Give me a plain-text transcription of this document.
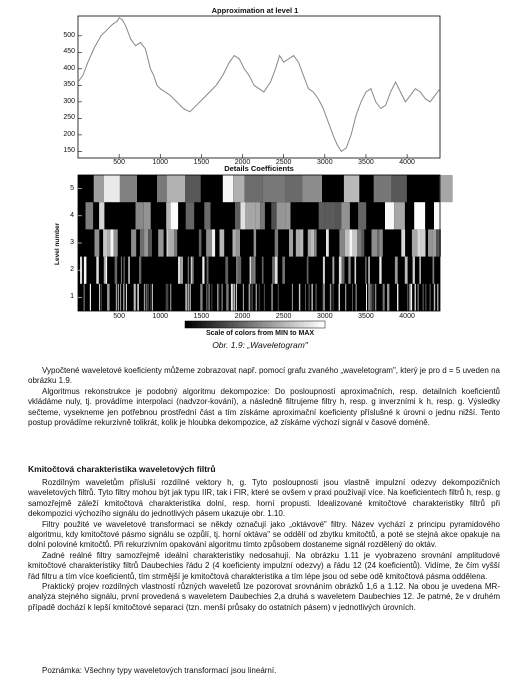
Approximation at level 1
150
200
250
300
350
400
450
500
500	1000	1500	2000	2500	3000	3500	4000
Details Coefficients
Level number
1
2
3
4
5
500	1000	1500	2000	2500	3000	3500	4000
Scale of colors from MIN to MAX
Obr. 1.9: „Waveletogram"

Vypočtené waveletové koeficienty můžeme zobrazovat např. pomocí grafu zvaného „waveletogram", který je pro d = 5 uveden na obrázku 1.9.

Algoritmus rekonstrukce je podobný algoritmu dekompozice: Do posloupností aproximačních, resp. detailních koeficientů vkládáme nuly, tj. provádíme interpolaci (nadvzor-kování), a následně filtrujeme filtry h, resp. g inverzními k h, resp. g. Výsledky sečteme, vysekneme jen potřebnou prostřední část a tím získáme aproximační koeficienty příslušné k úrovni o jednu nižší. Tento postup provádíme rekurzivně tolikrát, kolik je hloubka dekompozice, až získáme výchozí signál v časové doméně.

Kmitočtová charakteristika waveletových filtrů

Rozdílným waveletům přísluší rozdílné vektory h, g. Tyto posloupnosti jsou vlastně impulzní odezvy dekompozičních waveletových filtrů. Tyto filtry mohou být jak typu IIR, tak i FIR, které se ovšem v praxi používají více. Na koeficientech filtrů h, resp. g samozřejmě záleží kmitočtová charakteristika dolní, resp. horní propusti. Idealizované kmitočtové charakteristiky filtrů při dekompozici výchozího signálu do jednotlivých pásem ukazuje obr. 1.10.

Filtry použité ve waveletové transformaci se někdy označují jako „oktávové" filtry. Název vychází z principu pyramidového algoritmu, kdy kmitočtové pásmo signálu se ozpůlí, tj. horní oktáva" se oddělí od zbytku kmitočtů, a poté se stejná akce opakuje na dolní poloviné kmitočtů. Při rekurzivním opakování algoritmu tímto způsobem dostaneme signál rozdělený do oktáv.

Zadné reálné filtry samozřejmě ideální charakteristiky nedosahují. Na obrázku 1.11 je vyobrazeno srovnání amplitudové kmitočtové charakteristiky filtrů Daubechies řádu 2 (4 koeficienty impulzní odezvy) a řádu 12 (24 koeficientů). Vidíme, že čím vyšší řád filtru a tím více koeficientů, tím strmější je kmitočtová charakteristika a tím lépe jsou od sebe odě kmitočtová pásma oddělena.

Praktický projev rozdílných vlastností různých waveletů lze pozorovat srovnáním obrázků 1,6 a 1.12. Na obou je uvedena MR-analýza stejného signálu, první provedená s waveletem Daubechies 2,a druhá s waveletem Daubechies 12. Je patrné, že v druhém případě dochází k lepší kmitočtové separaci (tzn. menší průsaky do ostatních pásem) v jednotlivých úrovních.

Poznámka: Všechny typy waveletových transformací jsou lineární.
